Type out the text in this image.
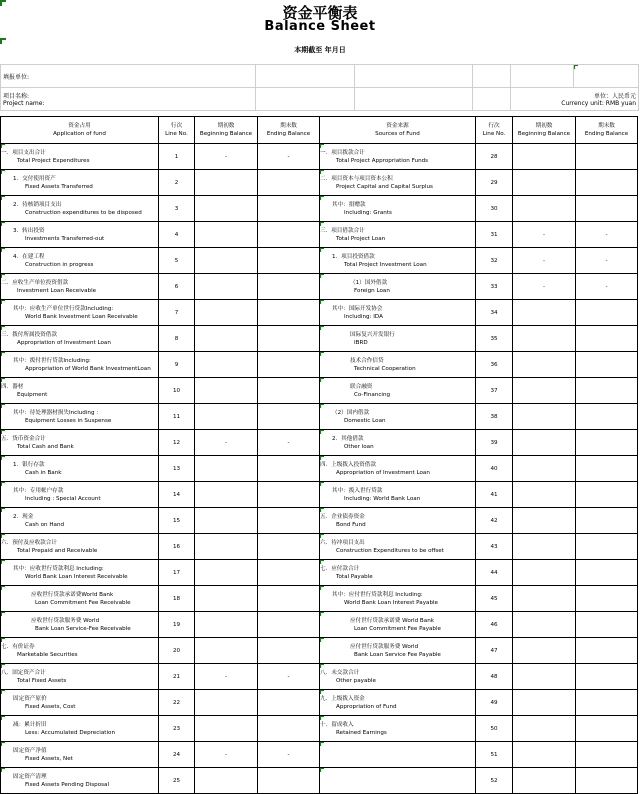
资金平衡表
Balance Sheet
本期截至 年月日
填报单位:					

项目名称:
Project name:				单位：人民币元
Currency unit: RMB yuan	
资金占用
Application of fund	行次
Line No.	期初数
Beginning Balance	期末数
Ending Balance	资金来源
Sources of Fund	行次
Line No.	期初数
Beginning Balance	期末数
Ending Balance

一．项目支出合计
Total Project Expenditures	1	-	-	一．项目拨款合计
Total Project Appropriation Funds	28		

1．交付使用资产
Fixed Assets Transferred	2			二．项目资本与项目资本公积
Project Capital and Capital Surplus	29		

2．待核销项目支出
Construction expenditures to be disposed	3			其中：捐赠款
Including: Grants	30		

3．转出投资
Investments Transferred-out	4			三．项目借款合计
Total Project Loan	31	-	-

4．在建工程
Construction in progress	5			1．项目投资借款
Total Project Investment Loan	32	-	-

二．应收生产单位投资借款
Investment Loan Receivable	6			（1）国外借款
Foreign Loan	33	-	-

其中：应收生产单位世行贷款Including:
World Bank Investment Loan Receivable	7			其中：国际开发协会
Including: IDA	34		

三．拨付所属投资借款
Appropriation of Investment Loan	8			国际复兴开发银行
IBRD	35		

其中：拨付世行贷款Including:
Appropriation of World Bank InvestmentLoan	9			技术合作信贷
Technical Cooperation	36		

四．器材
Equipment	10			联合融资
Co-Financing	37		

其中：待处理器材损失Including ：
Equipment Losses in Suspense	11			（2）国内借款
Domestic Loan	38		

五．货币资金合计
Total Cash and Bank	12	-	-	2．其他借款
Other loan	39		

1．银行存款
Cash in Bank	13			四．上级拨入投资借款
Appropriation of Investment Loan	40		

其中：专用帐户存款
Including : Special Account	14			其中：拨入世行贷款
Including: World Bank Loan	41		

2．现金
Cash on Hand	15			五．企业债券资金
Bond Fund	42		

六．预付及应收款合计
Total Prepaid and Receivable	16			六．待冲项目支出
Construction Expenditures to be offset	43		

其中：应收世行贷款利息 Including:
World Bank Loan Interest Receivable	17			七．应付款合计
Total Payable	44		

应收世行贷款承诺费World Bank
Loan Commitment Fee Receivable	18			其中：应付世行贷款利息 Including:
World Bank Loan Interest Payable	45		

应收世行贷款服务费 World
Bank Loan Service-Fee Receivable	19			应付世行贷款承诺费 World Bank
Loan Commitment Fee Payable	46		

七．有价证券
Marketable Securities	20			应付世行贷款服务费 World
Bank Loan Service Fee Payable	47		

八．固定资产合计
Total Fixed Assets	21	-	-	八．未交款合计
Other payable	48		

固定资产原价
Fixed Assets, Cost	22			九．上级拨入资金
Appropriation of Fund	49		

减：累计折旧
Less: Accumulated Depreciation	23			十．留成收入
Retained Earnings	50		

固定资产净值
Fixed Assets, Net	24	-	-		51		

固定资产清理
Fixed Assets Pending Disposal	25				52		
